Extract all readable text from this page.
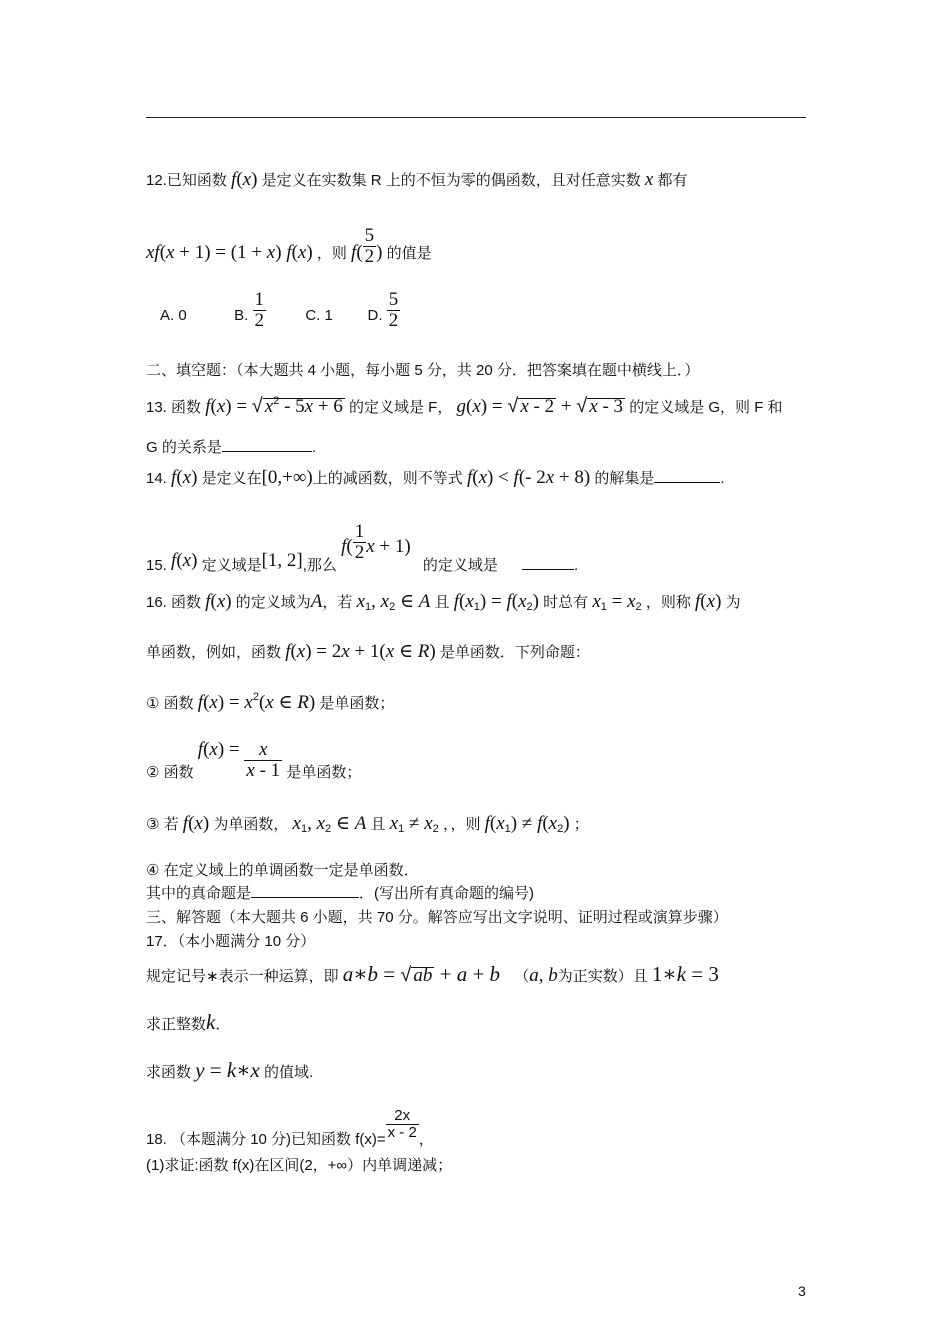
12.已知函数 f(x) 是定义在实数集 R 上的不恒为零的偶函数，且对任意实数 x 都有
xf(x + 1) = (1 + x) f(x) ，则 $f( \frac{5}{2}$ ) 的值是
A. 0	B. $\frac{1}{2}$	C. 1 D. $\frac{5}{2}$
二、填空题：（本大题共 4 小题，每小题 5 分，共 20 分．把答案填在题中横线上．）
13. 函数 f(x) = √ $x^2 - 5x + 6$ 的定义域是 F， g(x) = √ x - 2 + √ x - 3 的定义域是 G，则 F 和
G 的关系是	.
14. f(x) 是定义在[0,+∞)上的减函数，则不等式 f(x) < f(- 2x + 8) 的解集是	.
15. f(x) 定义域是[1, 2],那么 $f( \frac{1}{2}$ x + 1) 的定义域是	.
16. 函数 f(x) 的定义域为A，若 $x_1$, $x_2$ ∈ A 且 $f(x_1) = f(x_2)$ 时总有 $x_1 = x_2$ ，则称 f(x) 为
单函数，例如，函数 f(x) = 2x + 1(x ∈ R) 是单函数．下列命题：
① 函数 $f(x) = x^2(x$ ∈ R) 是单函数；
② 函数 $f(x) = \frac{x}{x - 1}$ 是单函数；
③ 若 f(x) 为单函数， $x_1$, $x_2$ ∈ A 且 $x_1 \ne x_2$ ，，则 $f(x_1) \ne f(x_2)$ ；
④ 在定义域上的单调函数一定是单函数．
其中的真命题是	．(写出所有真命题的编号)
三、解答题（本大题共 6 小题，共 70 分。解答应写出文字说明、证明过程或演算步骤）
17．（本小题满分 10 分）
规定记号∗表示一种运算，即 a∗b = √ ab + a + b （a, b为正实数）且 1∗k = 3
求正整数k．
求函数 y = k∗x 的值域.
18. （本题满分 10 分)已知函数 $f(x)= \frac{2x}{x - 2}$ ，
(1)求证:函数 f(x)在区间(2，+∞）内单调递减；
3
